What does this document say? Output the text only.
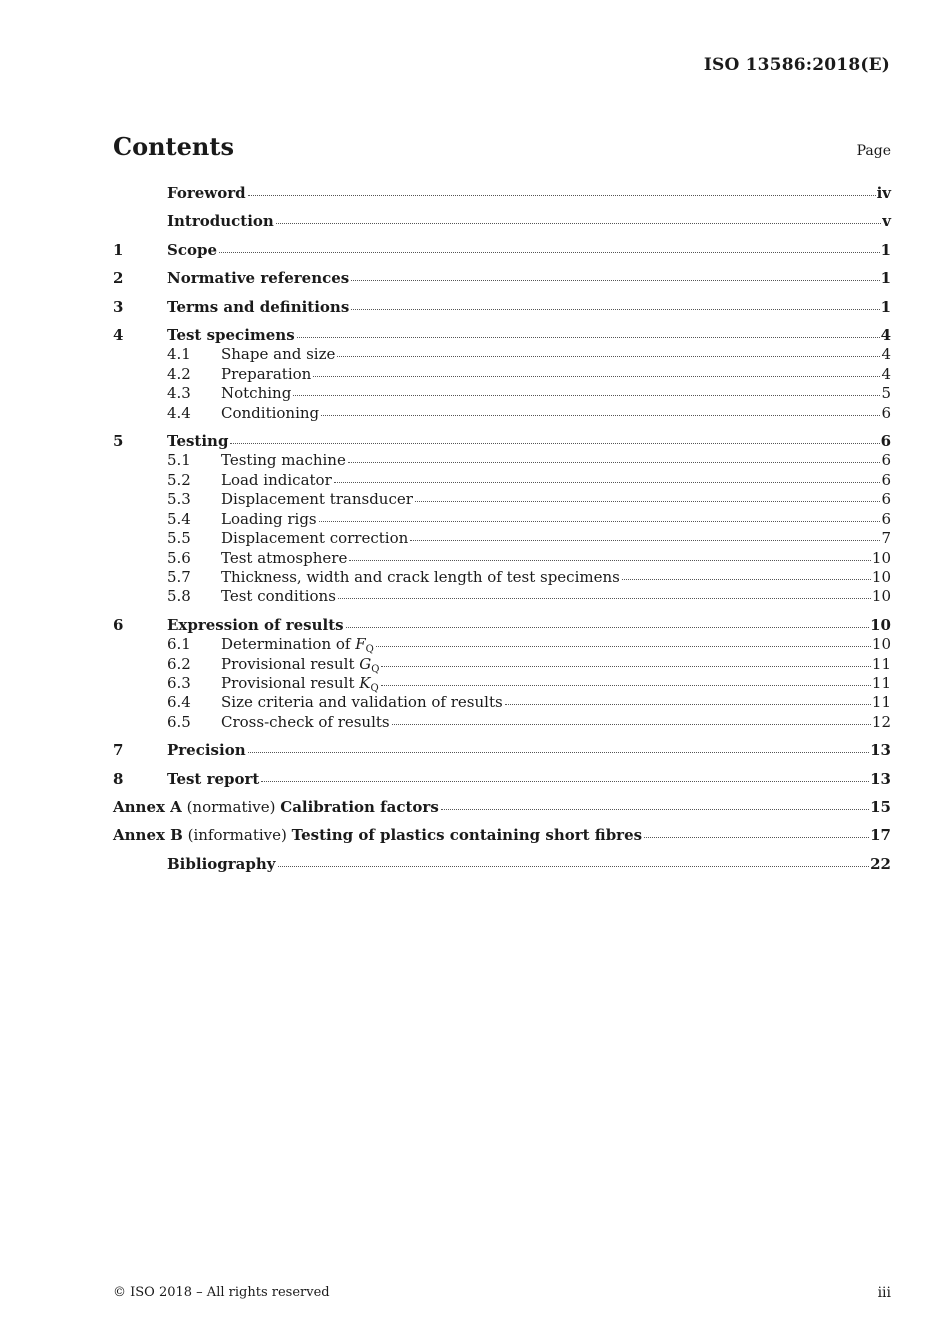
ISO 13586:2018(E)
Contents	Page
Foreword	iv
Introduction	v
1	Scope	1
2	Normative references	1
3	Terms and definitions	1
4	Test specimens	4
4.1	Shape and size	4
4.2	Preparation	4
4.3	Notching	5
4.4	Conditioning	6
5	Testing	6
5.1	Testing machine	6
5.2	Load indicator	6
5.3	Displacement transducer	6
5.4	Loading rigs	6
5.5	Displacement correction	7
5.6	Test atmosphere	10
5.7	Thickness, width and crack length of test specimens	10
5.8	Test conditions	10
6	Expression of results	10
6.1	Determination of $F_Q$	10
6.2	Provisional result $G_Q$	11
6.3	Provisional result $K_Q$	11
6.4	Size criteria and validation of results	11
6.5	Cross-check of results	12
7	Precision	13
8	Test report	13
Annex A (normative) Calibration factors	15
Annex B (informative) Testing of plastics containing short fibres	17
Bibliography	22
© ISO 2018 – All rights reserved	iii
